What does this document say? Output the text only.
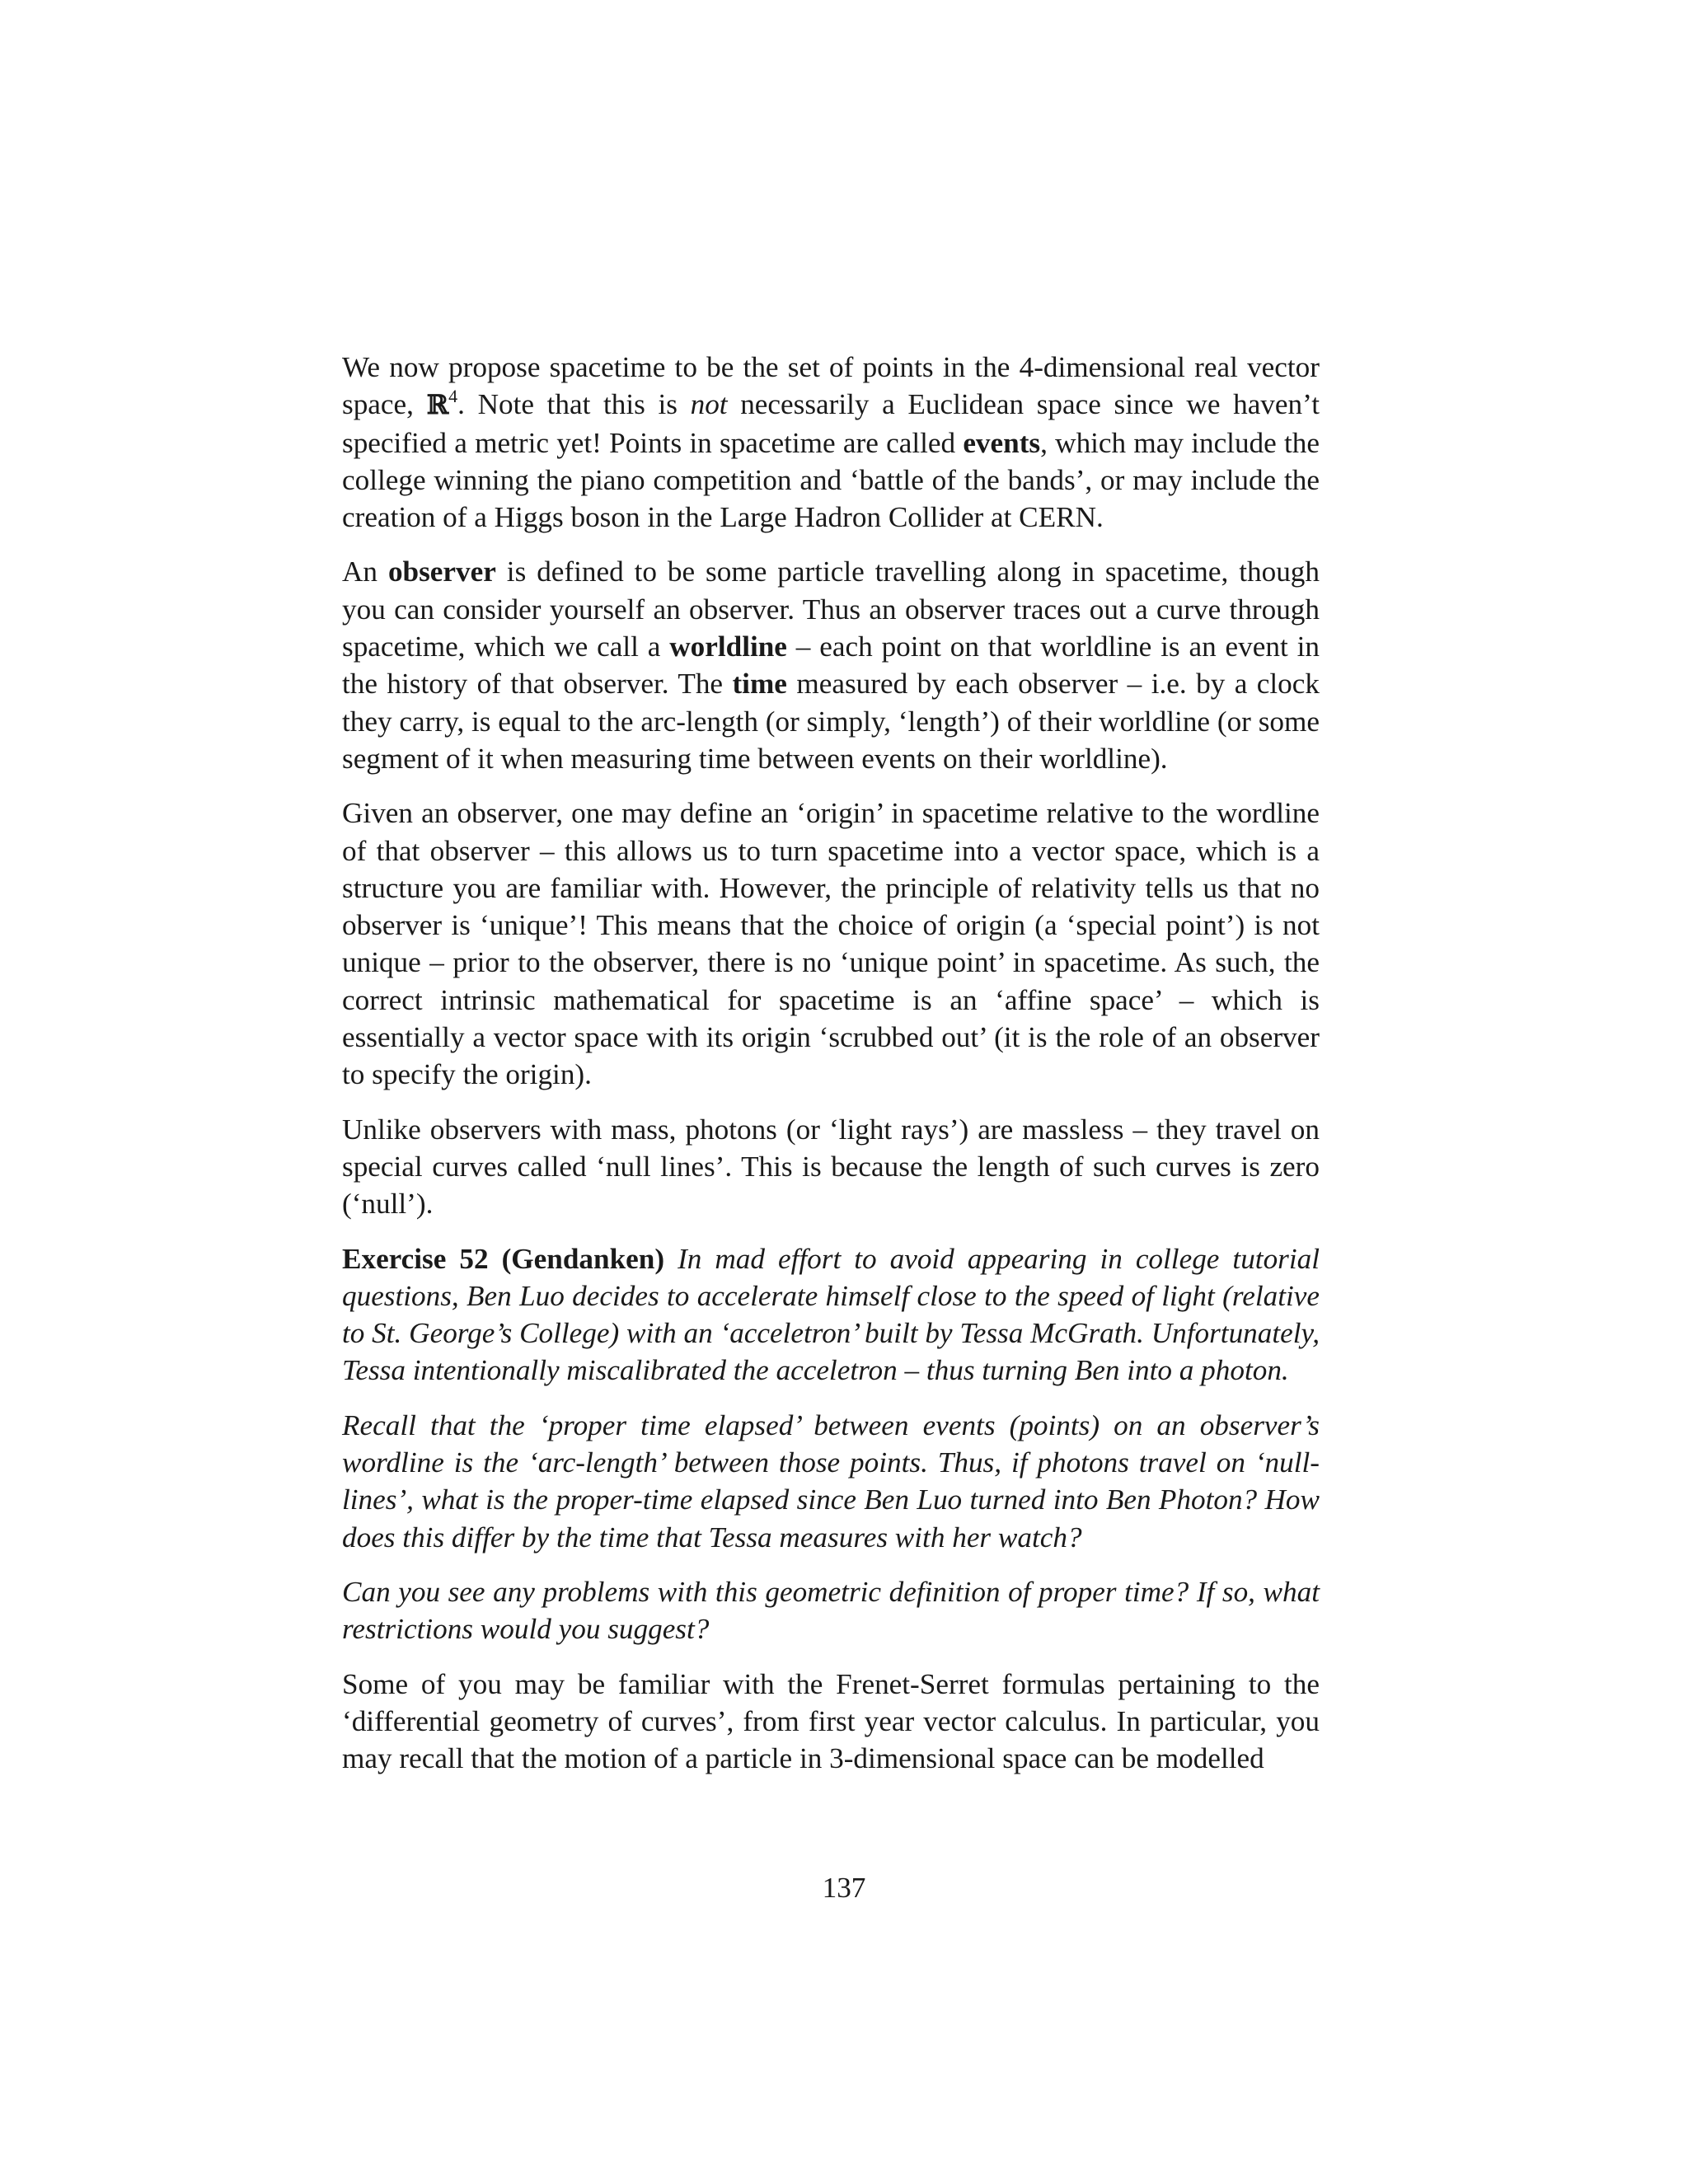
We now propose spacetime to be the set of points in the 4-dimensional real vector space, ℝ$^4$. Note that this is not necessarily a Euclidean space since we haven’t specified a metric yet! Points in spacetime are called events, which may include the college winning the piano competition and ‘battle of the bands’, or may include the creation of a Higgs boson in the Large Hadron Collider at CERN.

An observer is defined to be some particle travelling along in spacetime, though you can consider yourself an observer. Thus an observer traces out a curve through spacetime, which we call a worldline – each point on that worldline is an event in the history of that observer. The time measured by each observer – i.e. by a clock they carry, is equal to the arc-length (or simply, ‘length’) of their worldline (or some segment of it when measuring time between events on their worldline).

Given an observer, one may define an ‘origin’ in spacetime relative to the wordline of that observer – this allows us to turn spacetime into a vector space, which is a structure you are familiar with. However, the principle of relativity tells us that no observer is ‘unique’! This means that the choice of origin (a ‘special point’) is not unique – prior to the observer, there is no ‘unique point’ in spacetime. As such, the correct intrinsic mathematical for spacetime is an ‘affine space’ – which is essentially a vector space with its origin ‘scrubbed out’ (it is the role of an observer to specify the origin).

Unlike observers with mass, photons (or ‘light rays’) are massless – they travel on special curves called ‘null lines’. This is because the length of such curves is zero (‘null’).

Exercise 52 (Gendanken) In mad effort to avoid appearing in college tutorial questions, Ben Luo decides to accelerate himself close to the speed of light (relative to St. George’s College) with an ‘acceletron’ built by Tessa McGrath. Unfortunately, Tessa intentionally miscalibrated the acceletron – thus turning Ben into a photon.

Recall that the ‘proper time elapsed’ between events (points) on an observer’s wordline is the ‘arc-length’ between those points. Thus, if photons travel on ‘null-lines’, what is the proper-time elapsed since Ben Luo turned into Ben Photon? How does this differ by the time that Tessa measures with her watch?

Can you see any problems with this geometric definition of proper time? If so, what restrictions would you suggest?

Some of you may be familiar with the Frenet-Serret formulas pertaining to the ‘differential geometry of curves’, from first year vector calculus. In particular, you may recall that the motion of a particle in 3-dimensional space can be modelled

137
